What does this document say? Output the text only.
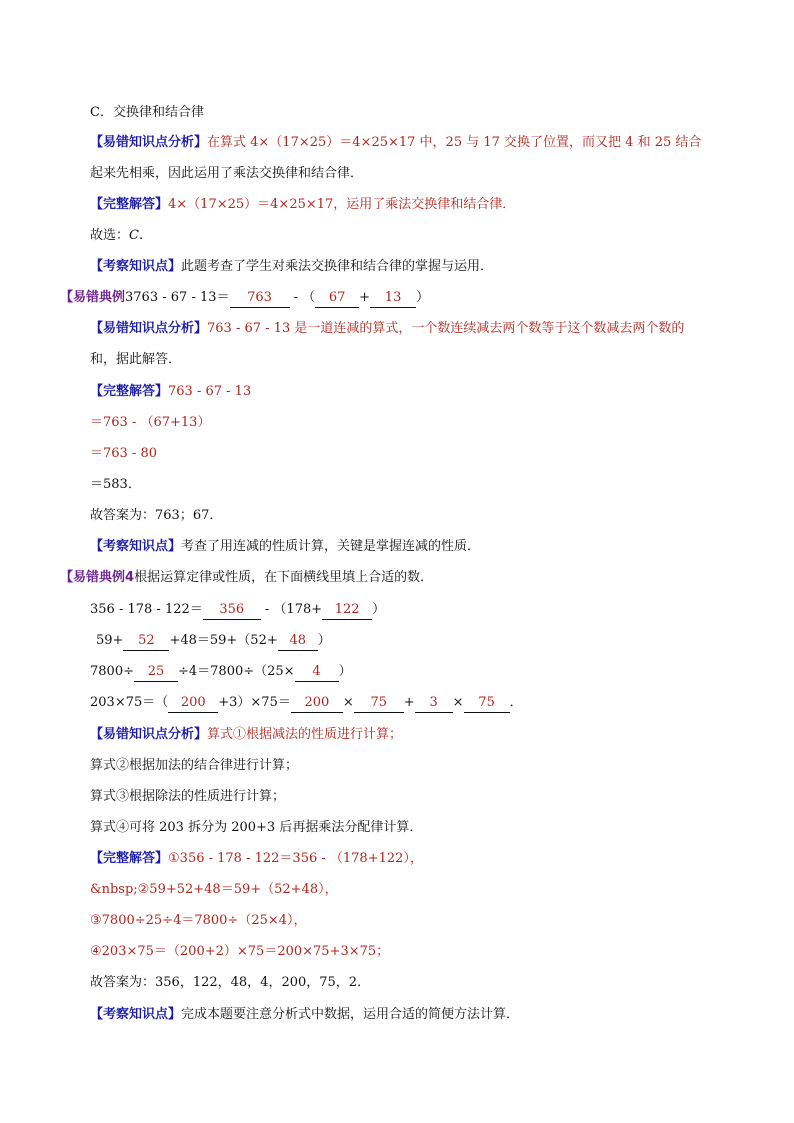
C．交换律和结合律
【易错知识点分析】在算式 4×（17×25）＝4×25×17 中，25 与 17 交换了位置，而又把 4 和 25 结合
起来先相乘，因此运用了乘法交换律和结合律．
【完整解答】4×（17×25）＝4×25×17，运用了乘法交换律和结合律．
故选：C.
【考察知识点】此题考查了学生对乘法交换律和结合律的掌握与运用．
【易错典例3763 - 67 - 13＝ 763 - （ 67 + 13 ）
【易错知识点分析】763 - 67 - 13 是一道连减的算式，一个数连续减去两个数等于这个数减去两个数的
和，据此解答．
【完整解答】763 - 67 - 13
＝763 - （67+13）
＝763 - 80
＝583．
故答案为：763；67．
【考察知识点】考查了用连减的性质计算，关键是掌握连减的性质．
【易错典例4根据运算定律或性质，在下面横线里填上合适的数．
356 - 178 - 122＝ 356 - （178+ 122 ）
59+ 52 +48＝59+（52+ 48 ）
7800÷ 25 ÷4＝7800÷（25× 4 ）
203×75＝（ 200 +3）×75＝ 200 × 75 + 3 × 75 ．
【易错知识点分析】算式①根据减法的性质进行计算；
算式②根据加法的结合律进行计算；
算式③根据除法的性质进行计算；
算式④可将 203 拆分为 200+3 后再据乘法分配律计算．
【完整解答】①356 - 178 - 122＝356 - （178+122），
&nbsp;②59+52+48＝59+（52+48），
③7800÷25÷4＝7800÷（25×4），
④203×75＝（200+2）×75＝200×75+3×75；
故答案为：356，122，48，4，200，75，2．
【考察知识点】完成本题要注意分析式中数据，运用合适的简便方法计算．
